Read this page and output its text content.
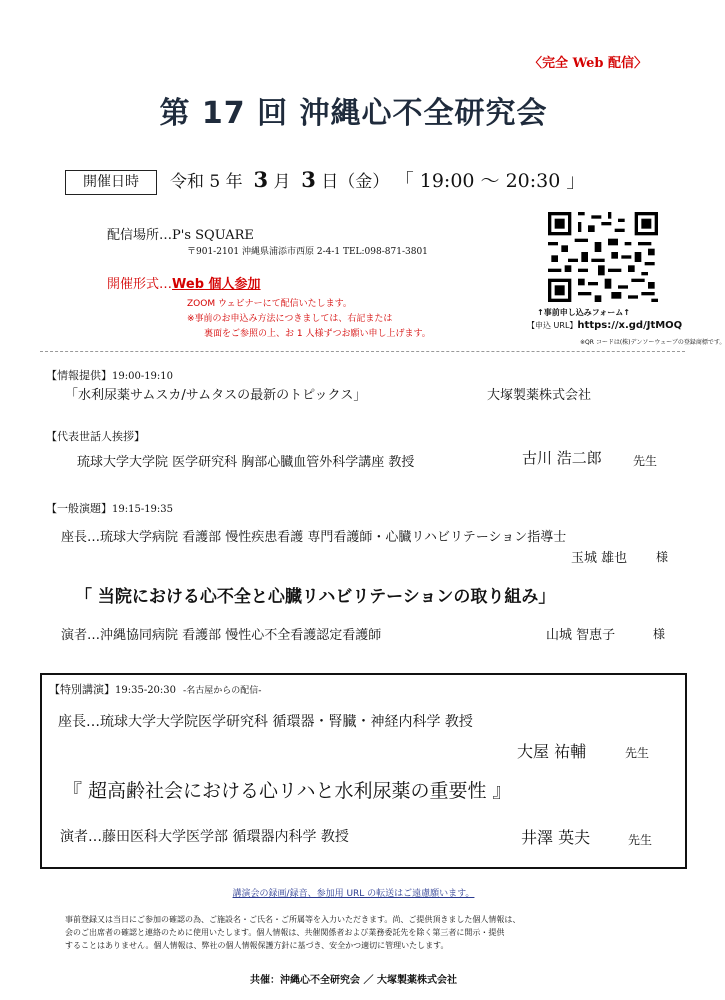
〈完全 Web 配信〉
第 17 回 沖縄心不全研究会
開催日時	令和 5 年 3 月 3 日（金） 「 19:00 ～ 20:30 」
配信場所…P's SQUARE
〒901-2101 沖縄県浦添市西原 2-4-1 TEL:098-871-3801
開催形式…Web 個人参加
ZOOM ウェビナーにて配信いたします。
※事前のお申込み方法につきましては、右記または
裏面をご参照の上、お 1 人様ずつお願い申し上げます。
↑事前申し込みフォーム↑
【申込 URL】https://x.gd/JtMOQ
※QR コードは(株)デンソーウェーブの登録商標です。
【情報提供】19:00-19:10
「水利尿薬サムスカ/サムタスの最新のトピックス」	大塚製薬株式会社
【代表世話人挨拶】
琉球大学大学院 医学研究科 胸部心臓血管外科学講座 教授	古川 浩二郎	先生
【一般演題】19:15-19:35
座長…琉球大学病院 看護部 慢性疾患看護 専門看護師・心臓リハビリテーション指導士
玉城 雄也 様
「 当院における心不全と心臓リハビリテーションの取り組み」
演者…沖縄協同病院 看護部 慢性心不全看護認定看護師	山城 智恵子	様
【特別講演】19:35-20:30 -名古屋からの配信-
座長…琉球大学大学院医学研究科 循環器・腎臓・神経内科学 教授
大屋 祐輔	先生
『 超高齢社会における心リハと水利尿薬の重要性 』
演者…藤田医科大学医学部 循環器内科学 教授	井澤 英夫	先生
講演会の録画/録音、参加用 URL の転送はご遠慮願います。
事前登録又は当日にご参加の確認の為、ご施設名・ご氏名・ご所属等を入力いただきます。尚、ご提供頂きました個人情報は、
会のご出席者の確認と連絡のために使用いたします。個人情報は、共催関係者および業務委託先を除く第三者に開示・提供
することはありません。個人情報は、弊社の個人情報保護方針に基づき、安全かつ適切に管理いたします。
共催：沖縄心不全研究会 ／ 大塚製薬株式会社
